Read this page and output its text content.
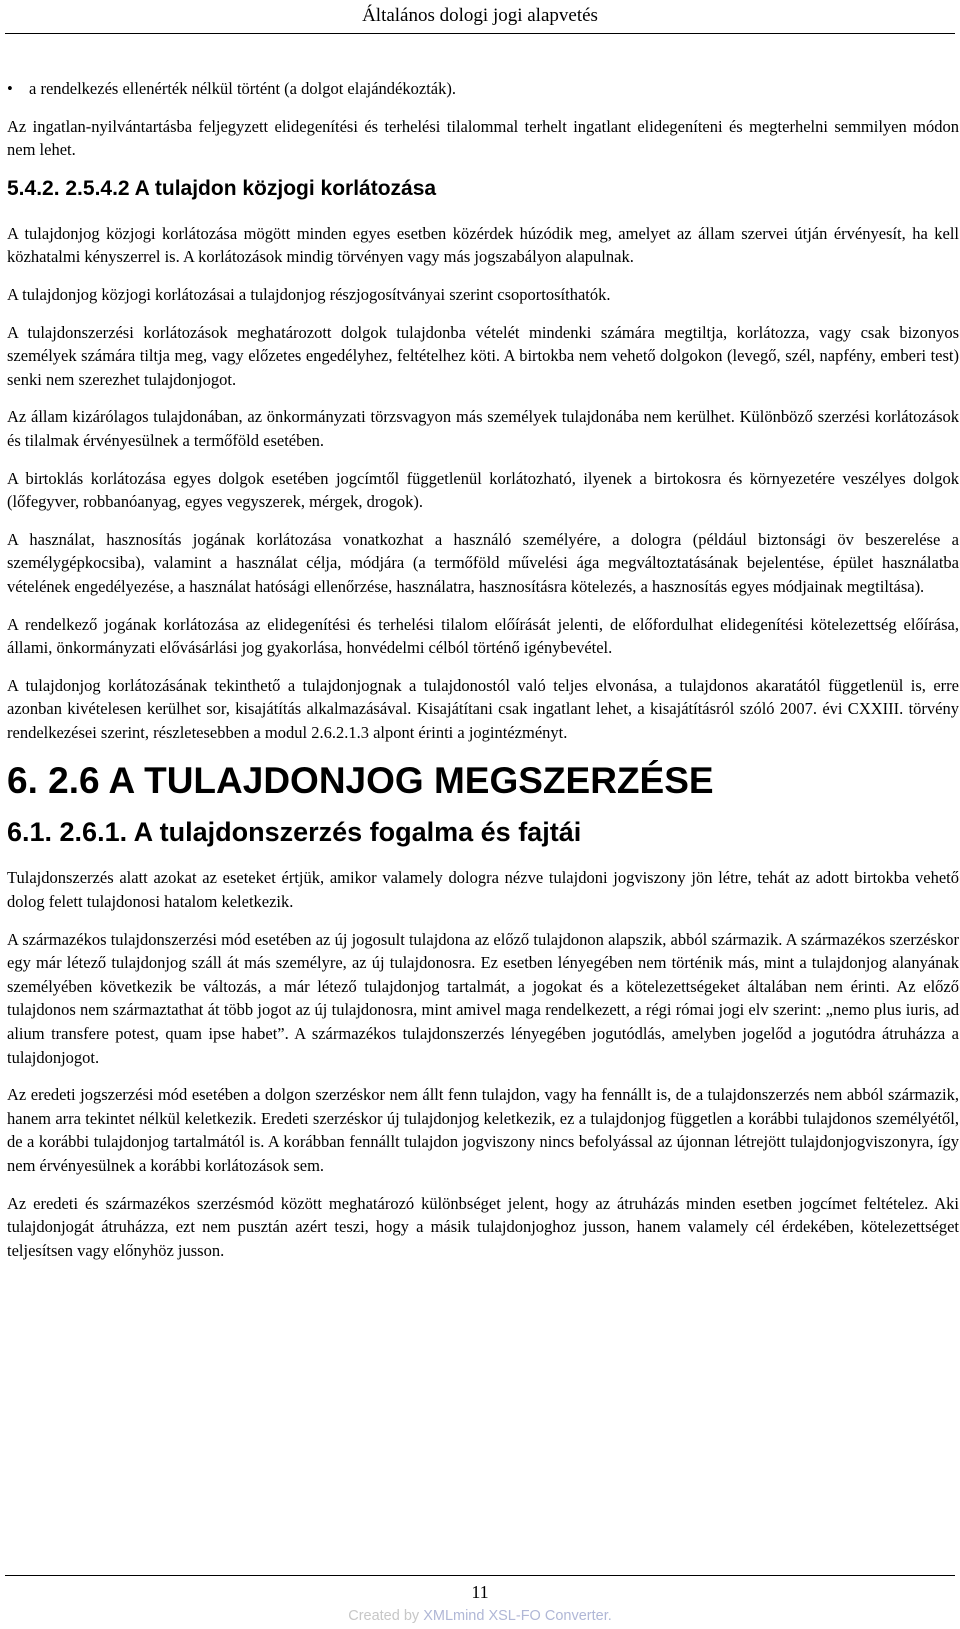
Általános dologi jogi alapvetés
• a rendelkezés ellenérték nélkül történt (a dolgot elajándékozták).

Az ingatlan-nyilvántartásba feljegyzett elidegenítési és terhelési tilalommal terhelt ingatlant elidegeníteni és megterhelni semmilyen módon nem lehet.

5.4.2. 2.5.4.2 A tulajdon közjogi korlátozása

A tulajdonjog közjogi korlátozása mögött minden egyes esetben közérdek húzódik meg, amelyet az állam szervei útján érvényesít, ha kell közhatalmi kényszerrel is. A korlátozások mindig törvényen vagy más jogszabályon alapulnak.

A tulajdonjog közjogi korlátozásai a tulajdonjog részjogosítványai szerint csoportosíthatók.

A tulajdonszerzési korlátozások meghatározott dolgok tulajdonba vételét mindenki számára megtiltja, korlátozza, vagy csak bizonyos személyek számára tiltja meg, vagy előzetes engedélyhez, feltételhez köti. A birtokba nem vehető dolgokon (levegő, szél, napfény, emberi test) senki nem szerezhet tulajdonjogot.

Az állam kizárólagos tulajdonában, az önkormányzati törzsvagyon más személyek tulajdonába nem kerülhet. Különböző szerzési korlátozások és tilalmak érvényesülnek a termőföld esetében.

A birtoklás korlátozása egyes dolgok esetében jogcímtől függetlenül korlátozható, ilyenek a birtokosra és környezetére veszélyes dolgok (lőfegyver, robbanóanyag, egyes vegyszerek, mérgek, drogok).

A használat, hasznosítás jogának korlátozása vonatkozhat a használó személyére, a dologra (például biztonsági öv beszerelése a személygépkocsiba), valamint a használat célja, módjára (a termőföld művelési ága megváltoztatásának bejelentése, épület használatba vételének engedélyezése, a használat hatósági ellenőrzése, használatra, hasznosításra kötelezés, a hasznosítás egyes módjainak megtiltása).

A rendelkező jogának korlátozása az elidegenítési és terhelési tilalom előírását jelenti, de előfordulhat elidegenítési kötelezettség előírása, állami, önkormányzati elővásárlási jog gyakorlása, honvédelmi célból történő igénybevétel.

A tulajdonjog korlátozásának tekinthető a tulajdonjognak a tulajdonostól való teljes elvonása, a tulajdonos akaratától függetlenül is, erre azonban kivételesen kerülhet sor, kisajátítás alkalmazásával. Kisajátítani csak ingatlant lehet, a kisajátításról szóló 2007. évi CXXIII. törvény rendelkezései szerint, részletesebben a modul 2.6.2.1.3 alpont érinti a jogintézményt.

6. 2.6 A TULAJDONJOG MEGSZERZÉSE
6.1. 2.6.1. A tulajdonszerzés fogalma és fajtái

Tulajdonszerzés alatt azokat az eseteket értjük, amikor valamely dologra nézve tulajdoni jogviszony jön létre, tehát az adott birtokba vehető dolog felett tulajdonosi hatalom keletkezik.

A származékos tulajdonszerzési mód esetében az új jogosult tulajdona az előző tulajdonon alapszik, abból származik. A származékos szerzéskor egy már létező tulajdonjog száll át más személyre, az új tulajdonosra. Ez esetben lényegében nem történik más, mint a tulajdonjog alanyának személyében következik be változás, a már létező tulajdonjog tartalmát, a jogokat és a kötelezettségeket általában nem érinti. Az előző tulajdonos nem származtathat át több jogot az új tulajdonosra, mint amivel maga rendelkezett, a régi római jogi elv szerint: „nemo plus iuris, ad alium transfere potest, quam ipse habet”. A származékos tulajdonszerzés lényegében jogutódlás, amelyben jogelőd a jogutódra átruházza a tulajdonjogot.

Az eredeti jogszerzési mód esetében a dolgon szerzéskor nem állt fenn tulajdon, vagy ha fennállt is, de a tulajdonszerzés nem abból származik, hanem arra tekintet nélkül keletkezik. Eredeti szerzéskor új tulajdonjog keletkezik, ez a tulajdonjog független a korábbi tulajdonos személyétől, de a korábbi tulajdonjog tartalmától is. A korábban fennállt tulajdon jogviszony nincs befolyással az újonnan létrejött tulajdonjogviszonyra, így nem érvényesülnek a korábbi korlátozások sem.

Az eredeti és származékos szerzésmód között meghatározó különbséget jelent, hogy az átruházás minden esetben jogcímet feltételez. Aki tulajdonjogát átruházza, ezt nem pusztán azért teszi, hogy a másik tulajdonjoghoz jusson, hanem valamely cél érdekében, kötelezettséget teljesítsen vagy előnyhöz jusson.

11
Created by XMLmind XSL-FO Converter.
